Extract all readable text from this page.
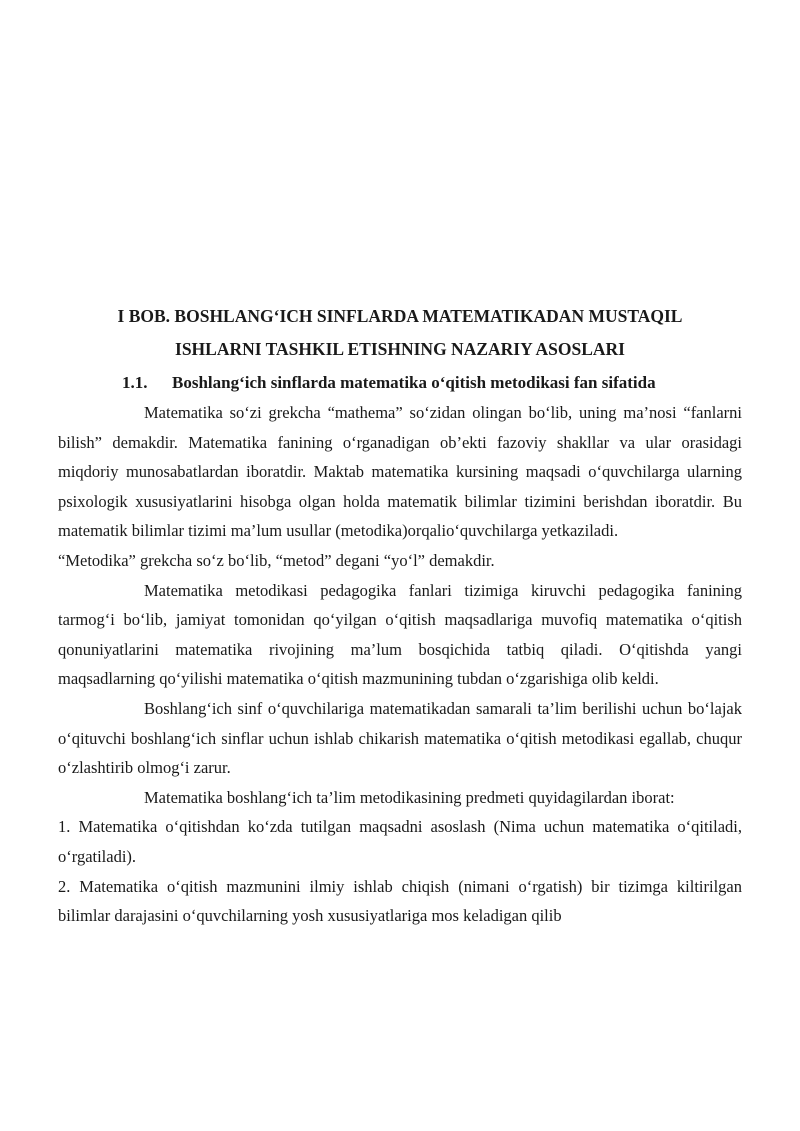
I BOB. BOSHLANG‘ICH SINFLARDA MATEMATIKADAN MUSTAQIL
ISHLARNI TASHKIL ETISHNING NAZARIY ASOSLARI
1.1. Boshlang‘ich sinflarda matematika o‘qitish metodikasi fan sifatida

Matematika so‘zi grekcha “mathema” so‘zidan olingan bo‘lib, uning ma’nosi “fanlarni bilish” demakdir. Matematika fanining o‘rganadigan ob’ekti fazoviy shakllar va ular orasidagi miqdoriy munosabatlardan iboratdir. Maktab matematika kursining maqsadi o‘quvchilarga ularning psixologik xususiyatlarini hisobga olgan holda matematik bilimlar tizimini berishdan iboratdir. Bu matematik bilimlar tizimi ma’lum usullar (metodika)orqalio‘quvchilarga yetkaziladi.

“Metodika” grekcha so‘z bo‘lib, “metod” degani “yo‘l” demakdir.

Matematika metodikasi pedagogika fanlari tizimiga kiruvchi pedagogika fanining tarmog‘i bo‘lib, jamiyat tomonidan qo‘yilgan o‘qitish maqsadlariga muvofiq matematika o‘qitish qonuniyatlarini matematika rivojining ma’lum bosqichida tatbiq qiladi. O‘qitishda yangi maqsadlarning qo‘yilishi matematika o‘qitish mazmunining tubdan o‘zgarishiga olib keldi.

Boshlang‘ich sinf o‘quvchilariga matematikadan samarali ta’lim berilishi uchun bo‘lajak o‘qituvchi boshlang‘ich sinflar uchun ishlab chikarish matematika o‘qitish metodikasi egallab, chuqur o‘zlashtirib olmog‘i zarur.

Matematika boshlang‘ich ta’lim metodikasining predmeti quyidagilardan iborat:

1. Matematika o‘qitishdan ko‘zda tutilgan maqsadni asoslash (Nima uchun matematika o‘qitiladi, o‘rgatiladi).

2. Matematika o‘qitish mazmunini ilmiy ishlab chiqish (nimani o‘rgatish) bir tizimga kiltirilgan bilimlar darajasini o‘quvchilarning yosh xususiyatlariga mos keladigan qilib
